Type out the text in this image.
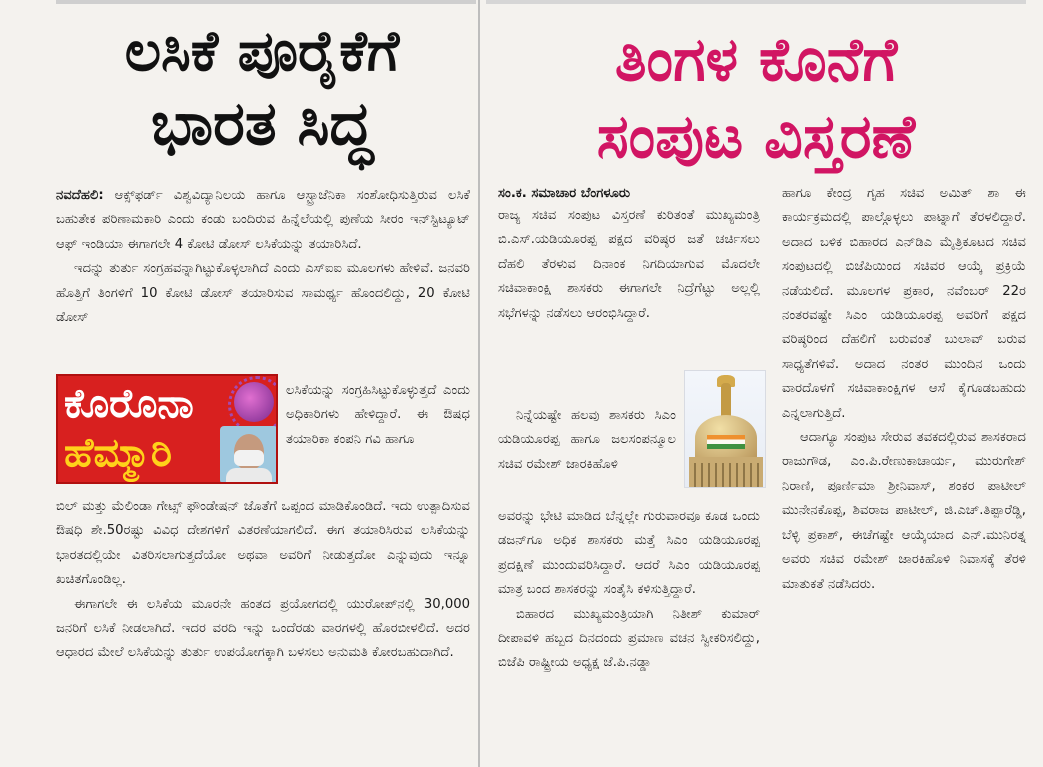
ಲಸಿಕೆ ಪೂರೈಕೆಗೆ
ಭಾರತ ಸಿದ್ಧ

ನವದೆಹಲಿ: ಆಕ್ಸ್‌ಫರ್ಡ್ ವಿಶ್ವವಿದ್ಯಾನಿಲಯ ಹಾಗೂ ಆಸ್ಟ್ರಾಜೆನಿಕಾ ಸಂಶೋಧಿಸುತ್ತಿರುವ ಲಸಿಕೆ ಬಹುತೇಕ ಪರಿಣಾಮಕಾರಿ ಎಂದು ಕಂಡು ಬಂದಿರುವ ಹಿನ್ನೆಲೆಯಲ್ಲಿ ಪುಣೆಯ ಸೀರಂ ಇನ್‌ಸ್ಟಿಟ್ಯೂಟ್ ಆಫ್ ಇಂಡಿಯಾ ಈಗಾಗಲೇ 4 ಕೋಟಿ ಡೋಸ್ ಲಸಿಕೆಯನ್ನು ತಯಾರಿಸಿದೆ.

ಇದನ್ನು ತುರ್ತು ಸಂಗ್ರಹವನ್ನಾಗಿಟ್ಟುಕೊಳ್ಳಲಾಗಿದೆ ಎಂದು ಎಸ್‌ಐಐ ಮೂಲಗಳು ಹೇಳಿವೆ. ಜನವರಿ ಹೊತ್ತಿಗೆ ತಿಂಗಳಿಗೆ 10 ಕೋಟಿ ಡೋಸ್ ತಯಾರಿಸುವ ಸಾಮರ್ಥ್ಯ ಹೊಂದಲಿದ್ದು, 20 ಕೋಟಿ ಡೋಸ್

ಕೊರೊನಾ
ಹೆಮ್ಮಾರಿ

ಲಸಿಕೆಯನ್ನು ಸಂಗ್ರಹಿಸಿಟ್ಟುಕೊಳ್ಳುತ್ತದೆ ಎಂದು ಅಧಿಕಾರಿಗಳು ಹೇಳಿದ್ದಾರೆ. ಈ ಔಷಧ ತಯಾರಿಕಾ ಕಂಪನಿ ಗವಿ ಹಾಗೂ

ಬಿಲ್ ಮತ್ತು ಮೆಲಿಂಡಾ ಗೇಟ್ಸ್ ಫೌಂಡೇಷನ್ ಜೊತೆಗೆ ಒಪ್ಪಂದ ಮಾಡಿಕೊಂಡಿದೆ. ಇದು ಉತ್ಪಾದಿಸುವ ಔಷಧಿ ಶೇ.50ರಷ್ಟು ವಿವಿಧ ದೇಶಗಳಿಗೆ ವಿತರಣೆಯಾಗಲಿದೆ. ಈಗ ತಯಾರಿಸಿರುವ ಲಸಿಕೆಯನ್ನು ಭಾರತದಲ್ಲಿಯೇ ವಿತರಿಸಲಾಗುತ್ತದೆಯೋ ಅಥವಾ ಅವರಿಗೆ ನೀಡುತ್ತದೋ ಎನ್ನುವುದು ಇನ್ನೂ ಖಚಿತಗೊಂಡಿಲ್ಲ.

ಈಗಾಗಲೇ ಈ ಲಸಿಕೆಯ ಮೂರನೇ ಹಂತದ ಪ್ರಯೋಗದಲ್ಲಿ ಯುರೋಪ್‌ನಲ್ಲಿ 30,000 ಜನರಿಗೆ ಲಸಿಕೆ ನೀಡಲಾಗಿದೆ. ಇದರ ವರದಿ ಇನ್ನು ಒಂದೆರಡು ವಾರಗಳಲ್ಲಿ ಹೊರಬೀಳಲಿದೆ. ಅದರ ಆಧಾರದ ಮೇಲೆ ಲಸಿಕೆಯನ್ನು ತುರ್ತು ಉಪಯೋಗಕ್ಕಾಗಿ ಬಳಸಲು ಅನುಮತಿ ಕೋರಬಹುದಾಗಿದೆ.

ತಿಂಗಳ ಕೊನೆಗೆ
ಸಂಪುಟ ವಿಸ್ತರಣೆ
ಸಂ.ಕ. ಸಮಾಚಾರ ಬೆಂಗಳೂರು

ರಾಜ್ಯ ಸಚಿವ ಸಂಪುಟ ವಿಸ್ತರಣೆ ಕುರಿತಂತೆ ಮುಖ್ಯಮಂತ್ರಿ ಬಿ.ಎಸ್.ಯಡಿಯೂರಪ್ಪ ಪಕ್ಷದ ವರಿಷ್ಠರ ಜತೆ ಚರ್ಚಿಸಲು ದೆಹಲಿ ತೆರಳುವ ದಿನಾಂಕ ನಿಗದಿಯಾಗುವ ಮೊದಲೇ ಸಚಿವಾಕಾಂಕ್ಷಿ ಶಾಸಕರು ಈಗಾಗಲೇ ನಿದ್ರೆಗೆಟ್ಟು ಅಲ್ಲಲ್ಲಿ ಸಭೆಗಳನ್ನು ನಡೆಸಲು ಆರಂಭಿಸಿದ್ದಾರೆ.

ನಿನ್ನೆಯಷ್ಟೇ ಹಲವು ಶಾಸಕರು ಸಿಎಂ ಯಡಿಯೂರಪ್ಪ ಹಾಗೂ ಜಲಸಂಪನ್ಮೂಲ ಸಚಿವ ರಮೇಶ್ ಜಾರಕಿಹೊಳಿ

ಅವರನ್ನು ಭೇಟಿ ಮಾಡಿದ ಬೆನ್ನಲ್ಲೇ ಗುರುವಾರವೂ ಕೂಡ ಒಂದು ಡಜನ್‌ಗೂ ಅಧಿಕ ಶಾಸಕರು ಮತ್ತೆ ಸಿಎಂ ಯಡಿಯೂರಪ್ಪ ಪ್ರದಕ್ಷಿಣೆ ಮುಂದುವರಿಸಿದ್ದಾರೆ. ಆದರೆ ಸಿಎಂ ಯಡಿಯೂರಪ್ಪ ಮಾತ್ರ ಬಂದ ಶಾಸಕರನ್ನು ಸಂತೈಸಿ ಕಳಿಸುತ್ತಿದ್ದಾರೆ.

ಬಿಹಾರದ ಮುಖ್ಯಮಂತ್ರಿಯಾಗಿ ನಿತೀಶ್ ಕುಮಾರ್ ದೀಪಾವಳಿ ಹಬ್ಬದ ದಿನದಂದು ಪ್ರಮಾಣ ವಚನ ಸ್ವೀಕರಿಸಲಿದ್ದು, ಬಿಜೆಪಿ ರಾಷ್ಟ್ರೀಯ ಅಧ್ಯಕ್ಷ ಜೆ.ಪಿ.ನಡ್ಡಾ

ಹಾಗೂ ಕೇಂದ್ರ ಗೃಹ ಸಚಿವ ಅಮಿತ್ ಶಾ ಈ ಕಾರ್ಯಕ್ರಮದಲ್ಲಿ ಪಾಲ್ಗೊಳ್ಳಲು ಪಾಟ್ನಾಗೆ ತೆರಳಲಿದ್ದಾರೆ. ಅದಾದ ಬಳಿಕ ಬಿಹಾರದ ಎನ್‌ಡಿಎ ಮೈತ್ರಿಕೂಟದ ಸಚಿವ ಸಂಪುಟದಲ್ಲಿ ಬಿಜೆಪಿಯಿಂದ ಸಚಿವರ ಆಯ್ಕೆ ಪ್ರಕ್ರಿಯೆ ನಡೆಯಲಿದೆ. ಮೂಲಗಳ ಪ್ರಕಾರ, ನವೆಂಬರ್ 22ರ ನಂತರವಷ್ಟೇ ಸಿಎಂ ಯಡಿಯೂರಪ್ಪ ಅವರಿಗೆ ಪಕ್ಷದ ವರಿಷ್ಠರಿಂದ ದೆಹಲಿಗೆ ಬರುವಂತೆ ಬುಲಾವ್ ಬರುವ ಸಾಧ್ಯತೆಗಳಿವೆ. ಅದಾದ ನಂತರ ಮುಂದಿನ ಒಂದು ವಾರದೊಳಗೆ ಸಚಿವಾಕಾಂಕ್ಷಿಗಳ ಆಸೆ ಕೈಗೂಡಬಹುದು ಎನ್ನಲಾಗುತ್ತಿದೆ.

ಆದಾಗ್ಯೂ ಸಂಪುಟ ಸೇರುವ ತವಕದಲ್ಲಿರುವ ಶಾಸಕರಾದ ರಾಜುಗೌಡ, ಎಂ.ಪಿ.ರೇಣುಕಾಚಾರ್ಯ, ಮುರುಗೇಶ್ ನಿರಾಣಿ, ಪೂರ್ಣಿಮಾ ಶ್ರೀನಿವಾಸ್, ಶಂಕರ ಪಾಟೀಲ್ ಮುನೇನಕೊಪ್ಪ, ಶಿವರಾಜ ಪಾಟೀಲ್, ಜಿ.ಎಚ್.ತಿಪ್ಪಾರೆಡ್ಡಿ, ಬೆಳ್ಳಿ ಪ್ರಕಾಶ್, ಈಚೆಗಷ್ಟೇ ಆಯ್ಕೆಯಾದ ಎನ್.ಮುನಿರತ್ನ ಅವರು ಸಚಿವ ರಮೇಶ್ ಜಾರಕಿಹೊಳಿ ನಿವಾಸಕ್ಕೆ ತೆರಳಿ ಮಾತುಕತೆ ನಡೆಸಿದರು.
